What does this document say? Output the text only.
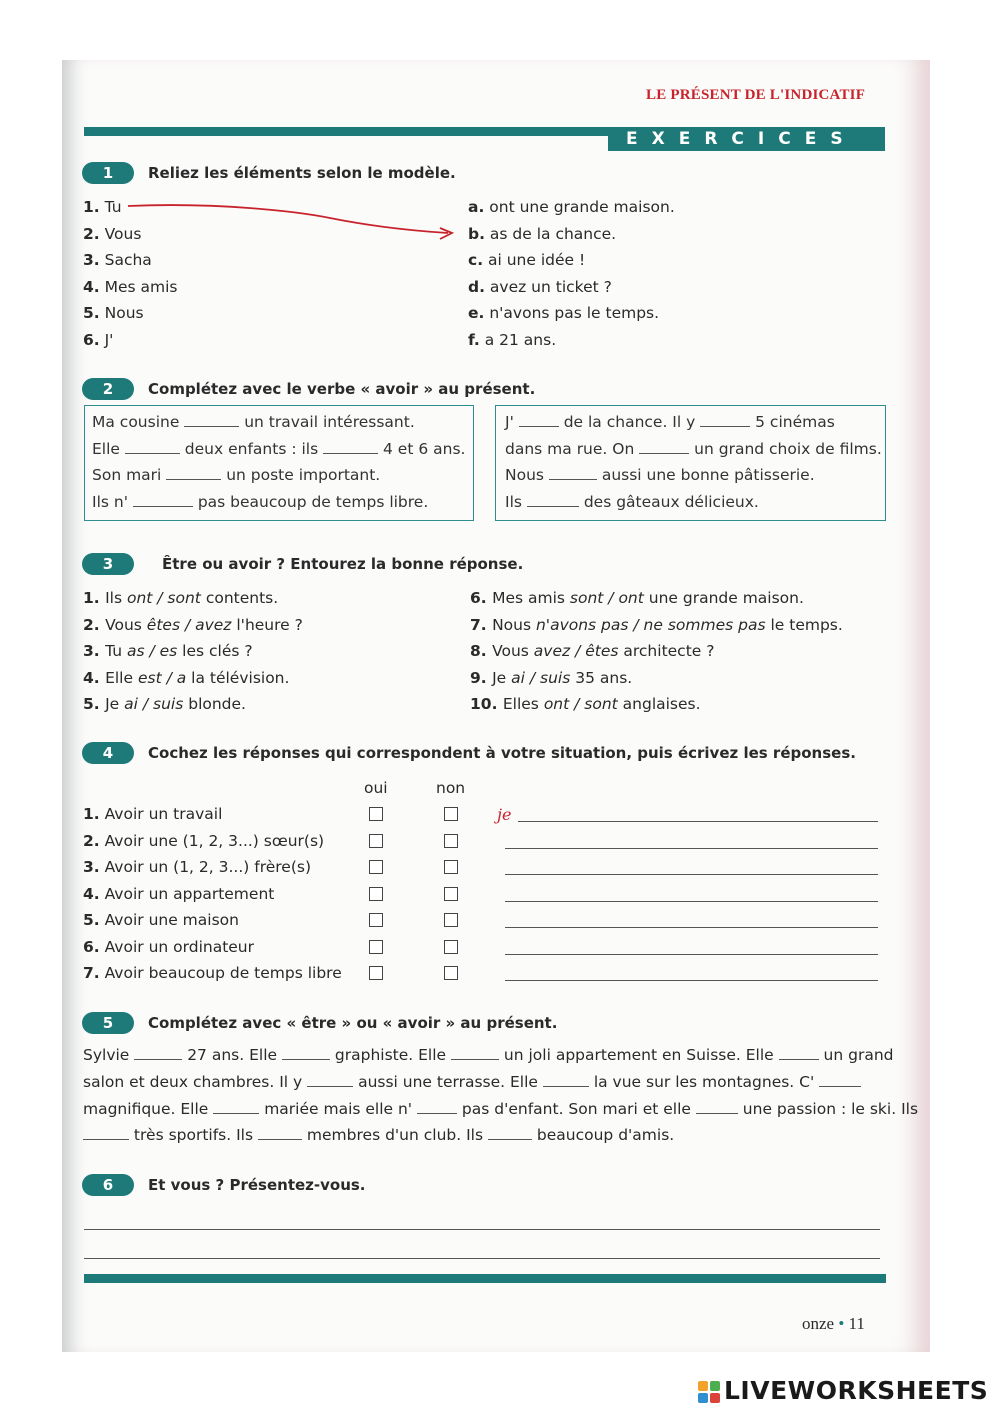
LE PRÉSENT DE L'INDICATIF
EXERCICES
1	Reliez les éléments selon le modèle.
1. Tu
2. Vous
3. Sacha
4. Mes amis
5. Nous
6. J'
a. ont une grande maison.
b. as de la chance.
c. ai une idée !
d. avez un ticket ?
e. n'avons pas le temps.
f. a 21 ans.
2	Complétez avec le verbe « avoir » au présent.
Ma cousine	un travail intéressant.
Elle	deux enfants : ils	4 et 6 ans.
Son mari	un poste important.
Ils n'	pas beaucoup de temps libre.
J'	de la chance. Il y	5 cinémas
dans ma rue. On	un grand choix de films.
Nous	aussi une bonne pâtisserie.
Ils	des gâteaux délicieux.
3	Être ou avoir ? Entourez la bonne réponse.
1. Ils ont / sont contents.
2. Vous êtes / avez l'heure ?
3. Tu as / es les clés ?
4. Elle est / a la télévision.
5. Je ai / suis blonde.
6. Mes amis sont / ont une grande maison.
7. Nous n'avons pas / ne sommes pas le temps.
8. Vous avez / êtes architecte ?
9. Je ai / suis 35 ans.
10. Elles ont / sont anglaises.
4	Cochez les réponses qui correspondent à votre situation, puis écrivez les réponses.
oui	non
je
1. Avoir un travail
2. Avoir une (1, 2, 3...) sœur(s)
3. Avoir un (1, 2, 3...) frère(s)
4. Avoir un appartement
5. Avoir une maison
6. Avoir un ordinateur
7. Avoir beaucoup de temps libre
5	Complétez avec « être » ou « avoir » au présent.
Sylvie	27 ans. Elle	graphiste. Elle	un joli appartement en Suisse. Elle	un grand
salon et deux chambres. Il y	aussi une terrasse. Elle	la vue sur les montagnes. C'
magnifique. Elle	mariée mais elle n'	pas d'enfant. Son mari et elle	une passion : le ski. Ils
très sportifs. Ils	membres d'un club. Ils	beaucoup d'amis.
6	Et vous ? Présentez-vous.
onze • 11
LIVEWORKSHEETS
